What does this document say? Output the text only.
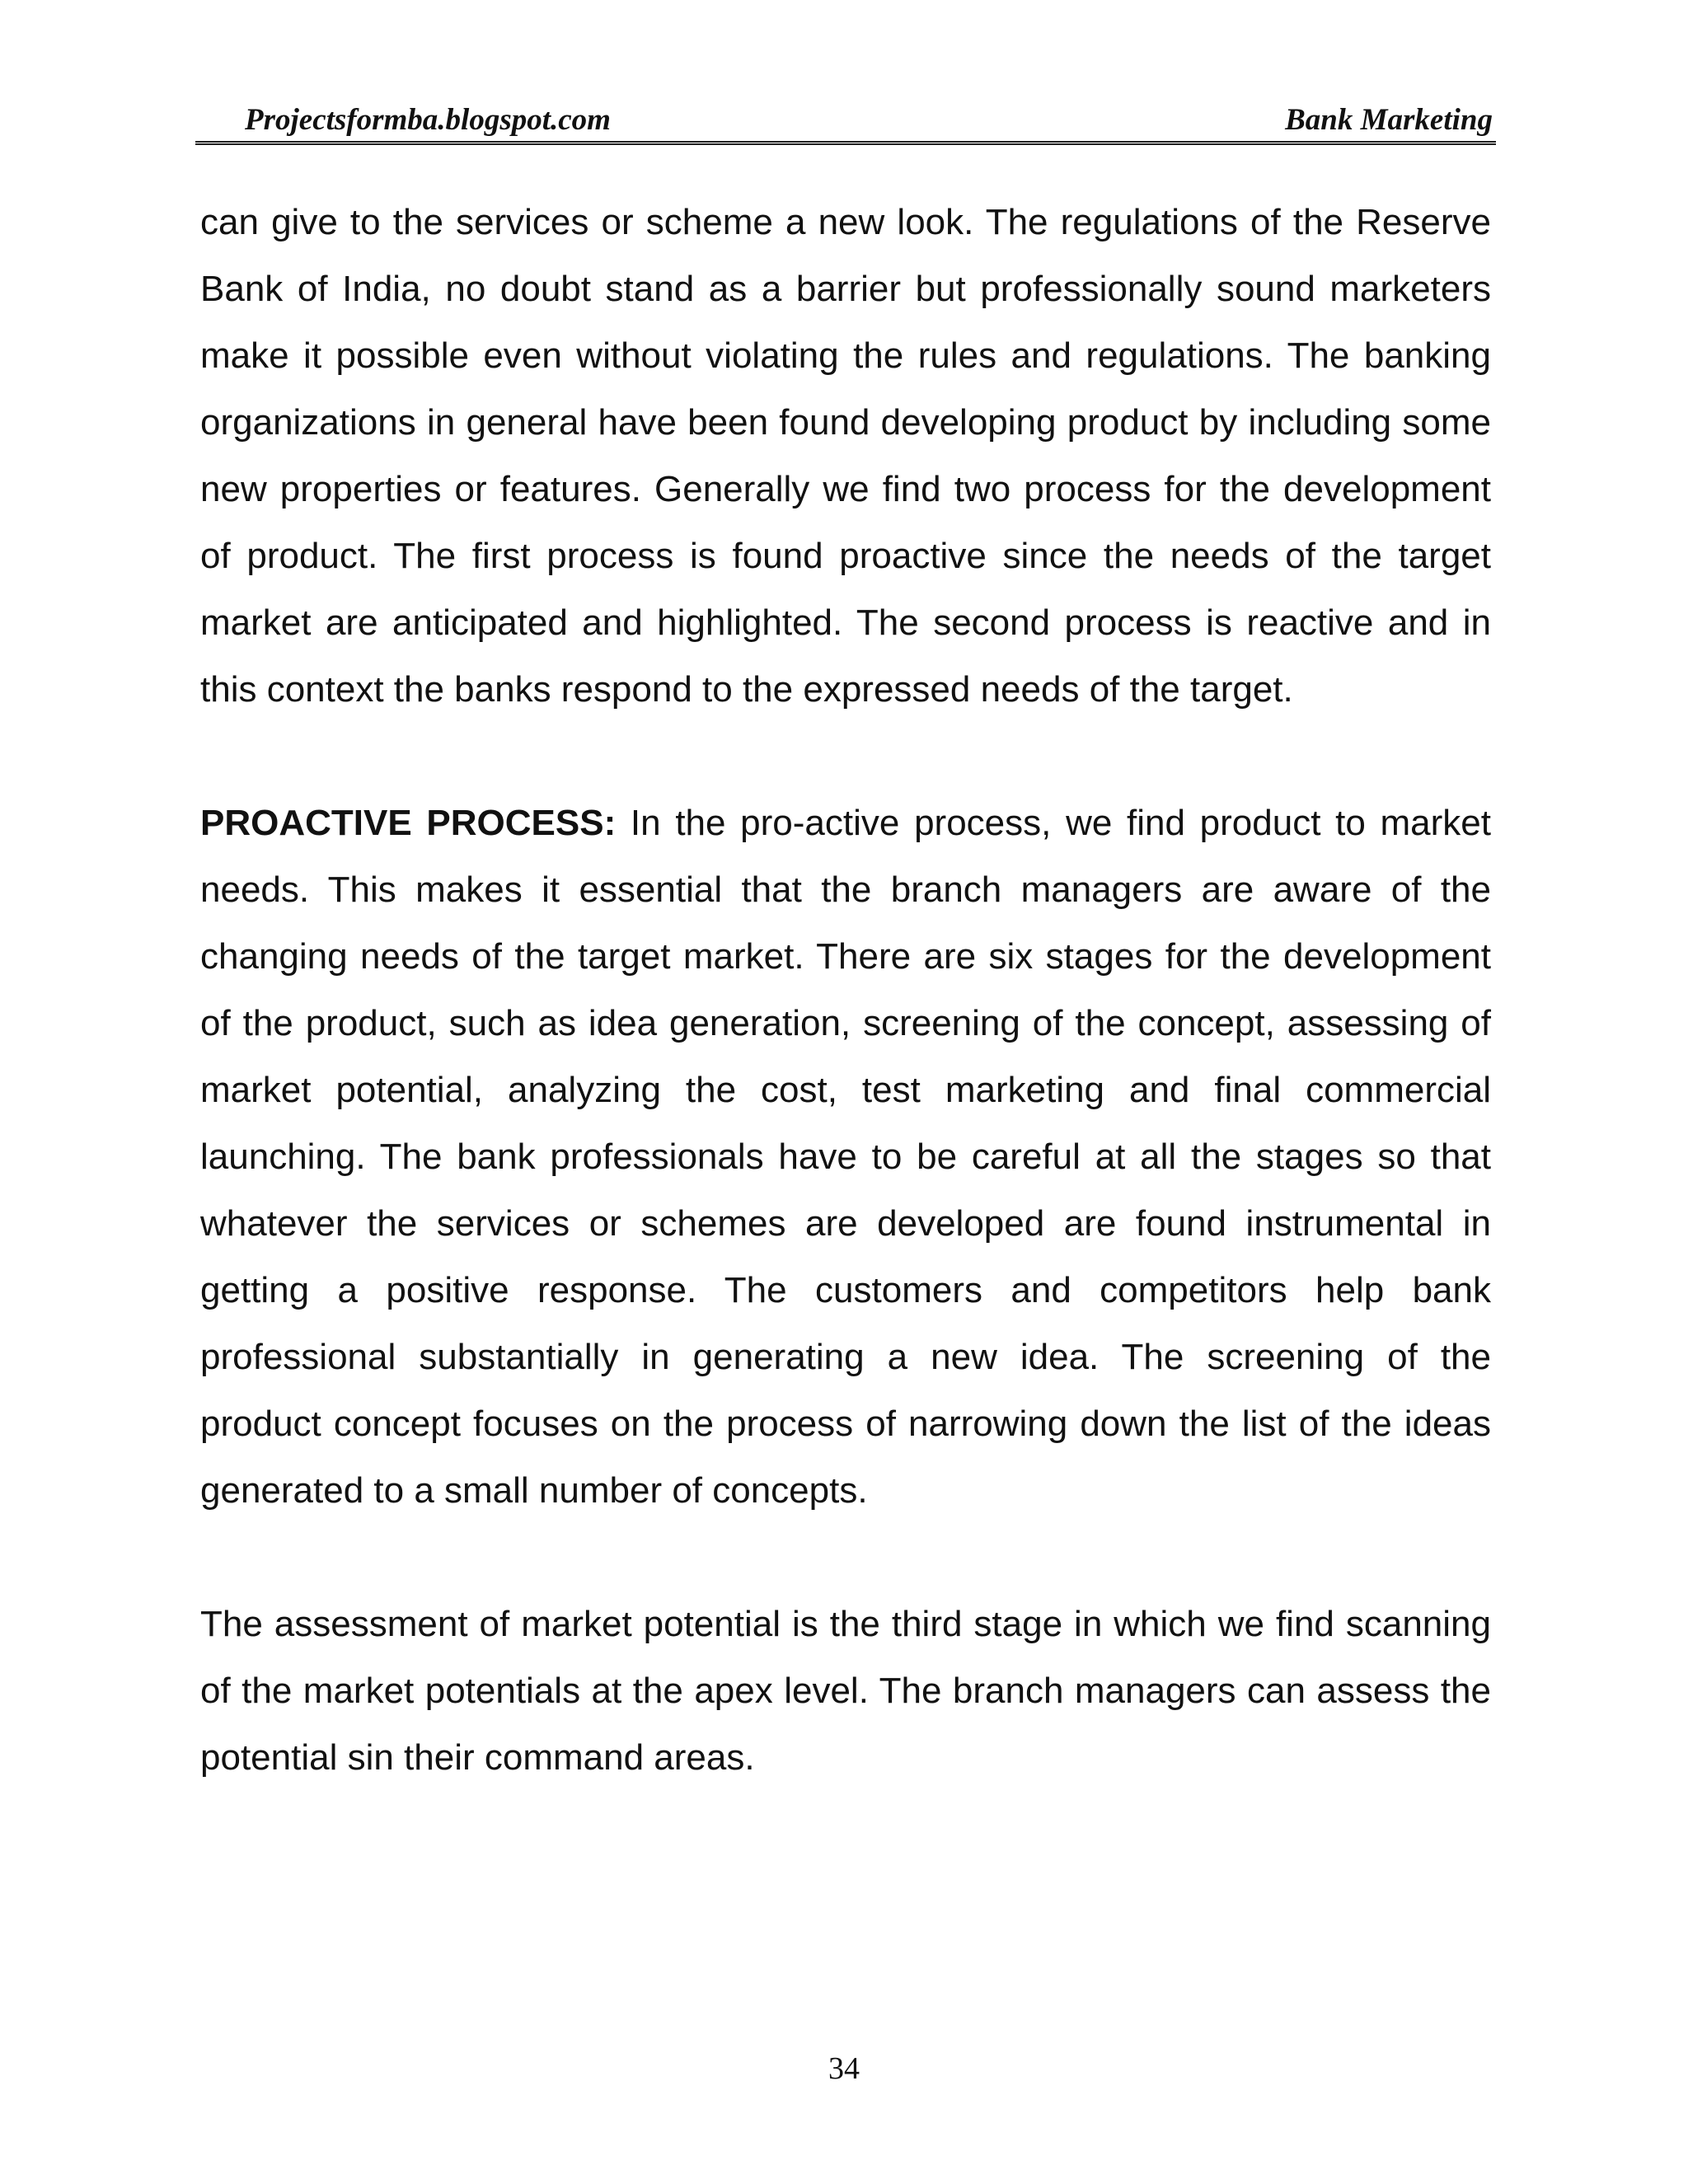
Projectsformba.blogspot.com	Bank Marketing

can give to the services or scheme a new look. The regulations of the Reserve Bank of India, no doubt stand as a barrier but professionally sound marketers make it possible even without violating the rules and regulations. The banking organizations in general have been found developing product by including some new properties or features. Generally we find two process for the development of product. The first process is found proactive since the needs of the target market are anticipated and highlighted. The second process is reactive and in this context the banks respond to the expressed needs of the target.

PROACTIVE PROCESS: In the pro-active process, we find product to market needs. This makes it essential that the branch managers are aware of the changing needs of the target market. There are six stages for the development of the product, such as idea generation, screening of the concept, assessing of market potential, analyzing the cost, test marketing and final commercial launching. The bank professionals have to be careful at all the stages so that whatever the services or schemes are developed are found instrumental in getting a positive response. The customers and competitors help bank professional substantially in generating a new idea. The screening of the product concept focuses on the process of narrowing down the list of the ideas generated to a small number of concepts.

The assessment of market potential is the third stage in which we find scanning of the market potentials at the apex level. The branch managers can assess the potential sin their command areas.

34
